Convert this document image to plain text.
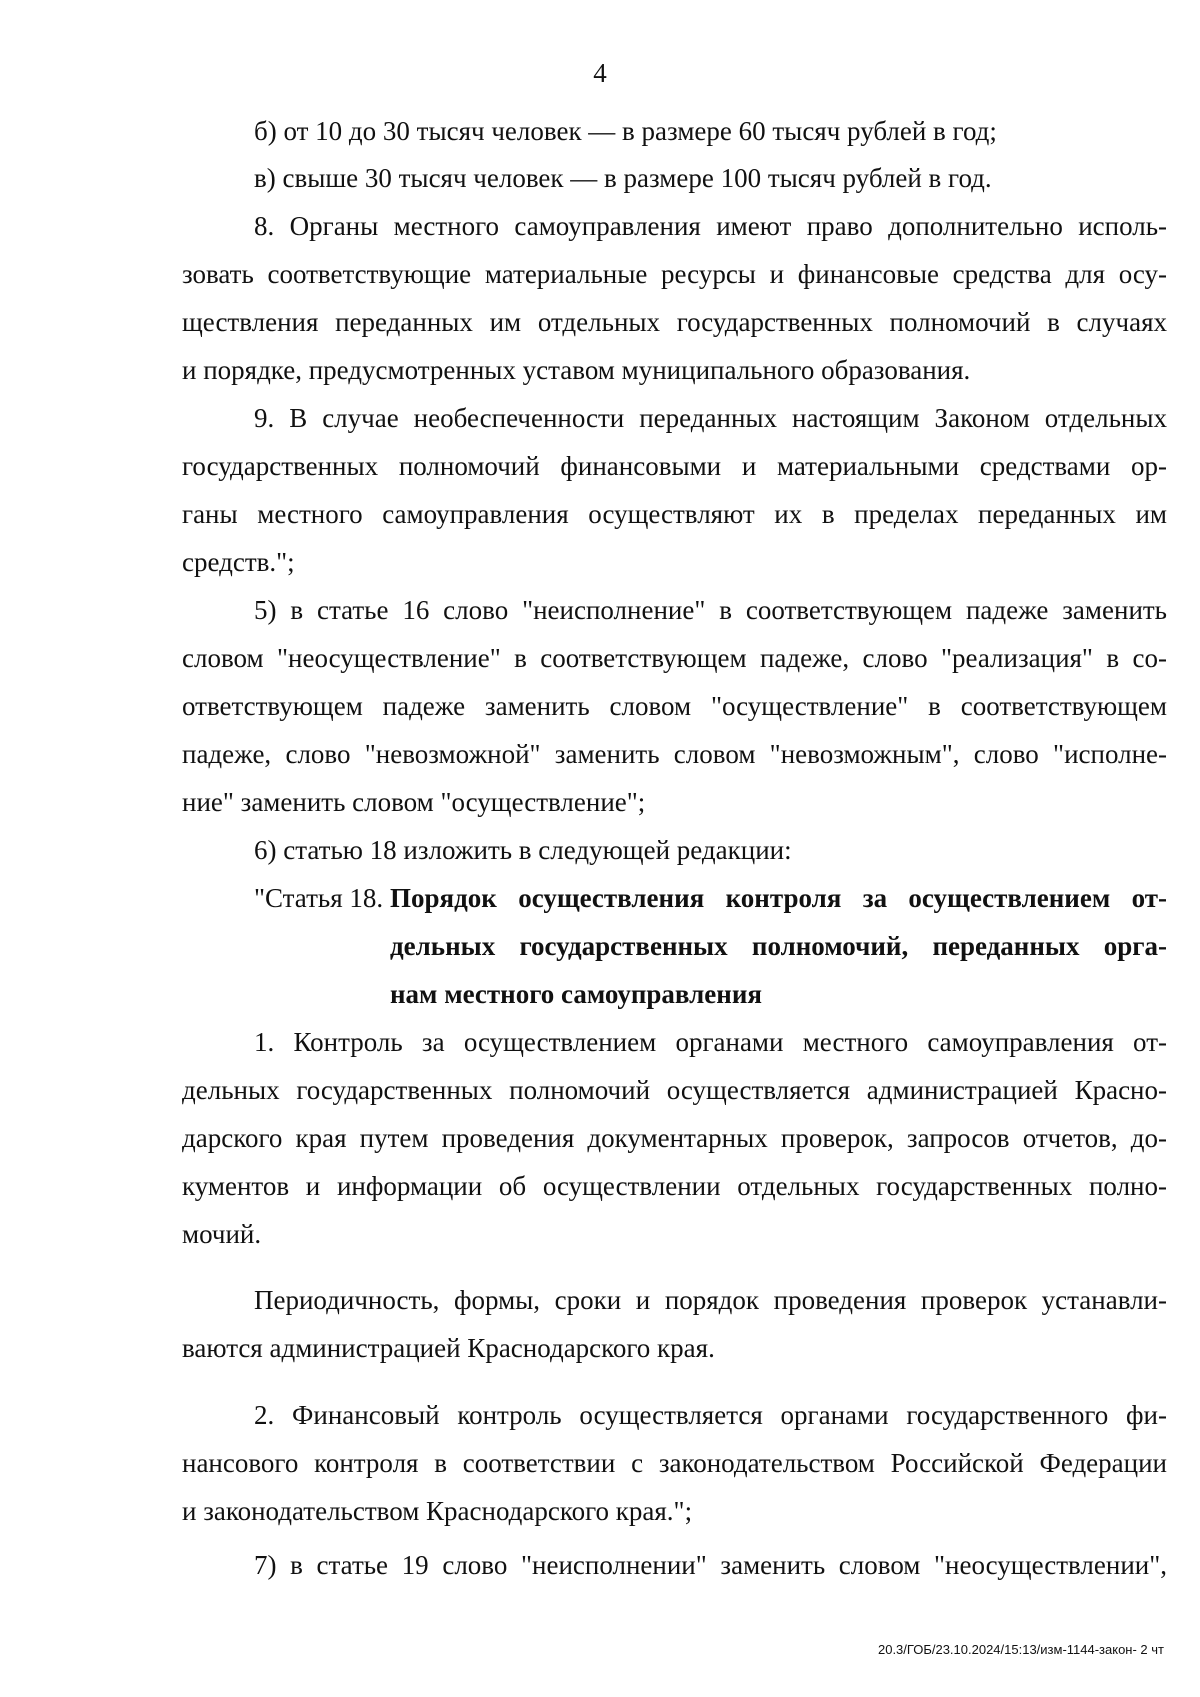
4
б) от 10 до 30 тысяч человек — в размере 60 тысяч рублей в год;
в) свыше 30 тысяч человек — в размере 100 тысяч рублей в год.
8. Органы местного самоуправления имеют право дополнительно исполь-
зовать соответствующие материальные ресурсы и финансовые средства для осу-
ществления переданных им отдельных государственных полномочий в случаях
и порядке, предусмотренных уставом муниципального образования.
9. В случае необеспеченности переданных настоящим Законом отдельных
государственных полномочий финансовыми и материальными средствами ор-
ганы местного самоуправления осуществляют их в пределах переданных им
средств.";
5) в статье 16 слово "неисполнение" в соответствующем падеже заменить
словом "неосуществление" в соответствующем падеже, слово "реализация" в со-
ответствующем падеже заменить словом "осуществление" в соответствующем
падеже, слово "невозможной" заменить словом "невозможным", слово "исполне-
ние" заменить словом "осуществление";
6) статью 18 изложить в следующей редакции:
1. Контроль за осуществлением органами местного самоуправления от-
дельных государственных полномочий осуществляется администрацией Красно-
дарского края путем проведения документарных проверок, запросов отчетов, до-
кументов и информации об осуществлении отдельных государственных полно-
мочий.
Периодичность, формы, сроки и порядок проведения проверок устанавли-
ваются администрацией Краснодарского края.
2. Финансовый контроль осуществляется органами государственного фи-
нансового контроля в соответствии с законодательством Российской Федерации
и законодательством Краснодарского края.";
7) в статье 19 слово "неисполнении" заменить словом "неосуществлении",
"Статья 18. Порядок осуществления контроля за осуществлением от-
дельных государственных полномочий, переданных орга-
нам местного самоуправления
20.3/ГОБ/23.10.2024/15:13/изм-1144-закон- 2 чт
